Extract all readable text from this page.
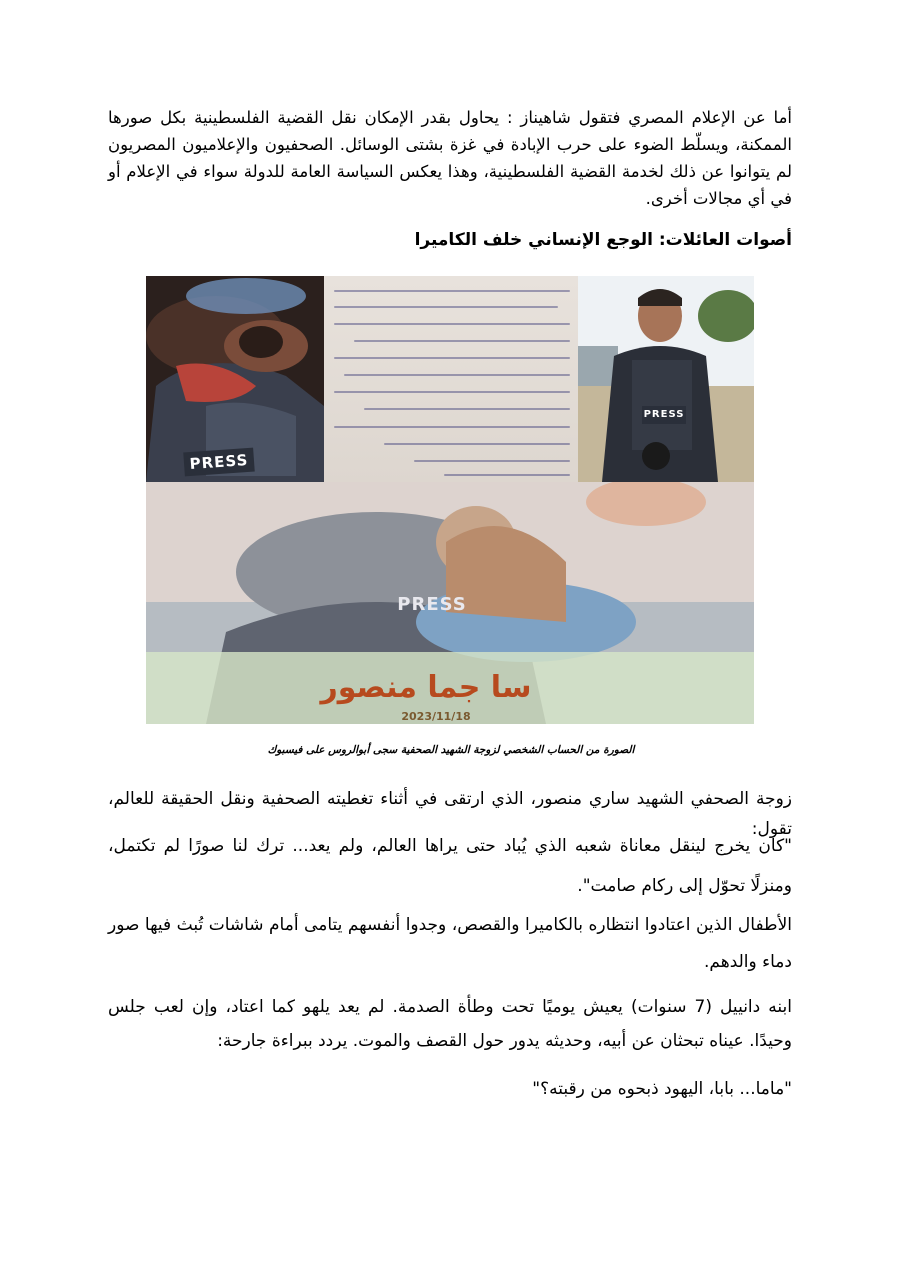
أما عن الإعلام المصري فتقول شاهيناز : يحاول بقدر الإمكان نقل القضية الفلسطينية بكل صورها الممكنة، ويسلّط الضوء على حرب الإبادة في غزة بشتى الوسائل. الصحفيون والإعلاميون المصريون لم يتوانوا عن ذلك لخدمة القضية الفلسطينية، وهذا يعكس السياسة العامة للدولة سواء في الإعلام أو في أي مجالات أخرى.

أصوات العائلات: الوجع الإنساني خلف الكاميرا
PRESS
PRESS
PRESS
سا جما منصور
2023/11/18

الصورة من الحساب الشخصي لزوجة الشهيد الصحفية سجى أبوالروس على فيسبوك

زوجة الصحفي الشهيد ساري منصور، الذي ارتقى في أثناء تغطيته الصحفية ونقل الحقيقة للعالم، تقول:

"كان يخرج لينقل معاناة شعبه الذي يُباد حتى يراها العالم، ولم يعد... ترك لنا صورًا لم تكتمل، ومنزلًا تحوّل إلى ركام صامت".

الأطفال الذين اعتادوا انتظاره بالكاميرا والقصص، وجدوا أنفسهم يتامى أمام شاشات تُبث فيها صور دماء والدهم.

ابنه دانييل (7 سنوات) يعيش يوميًا تحت وطأة الصدمة. لم يعد يلهو كما اعتاد، وإن لعب جلس وحيدًا. عيناه تبحثان عن أبيه، وحديثه يدور حول القصف والموت. يردد ببراءة جارحة:

"ماما... بابا، اليهود ذبحوه من رقبته؟"
